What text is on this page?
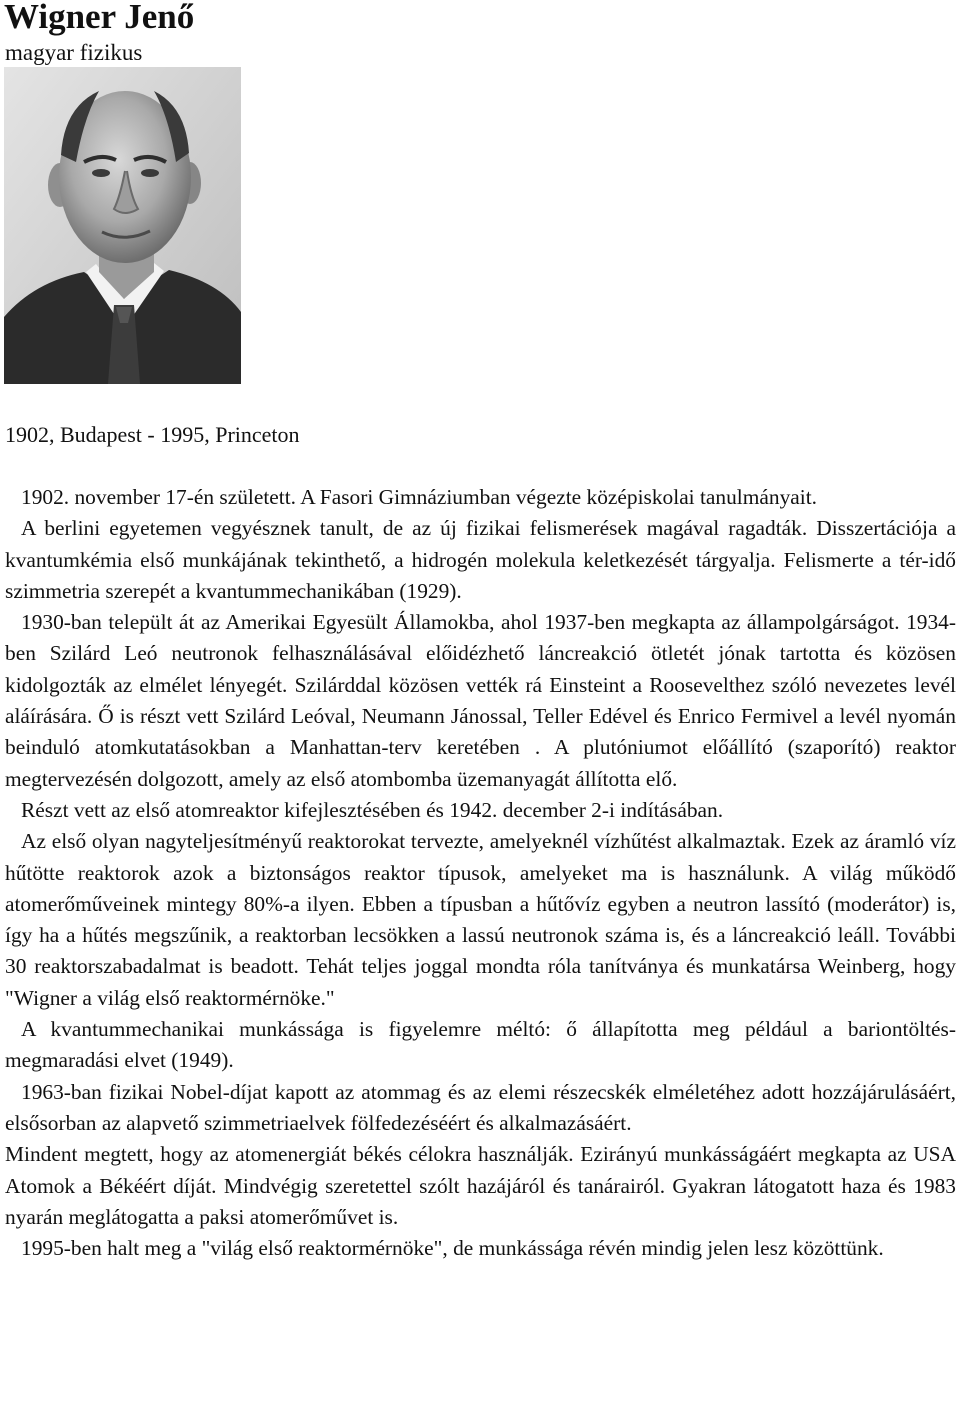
Wigner Jenő
magyar fizikus
1902, Budapest - 1995, Princeton

1902. november 17-én született. A Fasori Gimnáziumban végezte középiskolai tanulmányait.

A berlini egyetemen vegyésznek tanult, de az új fizikai felismerések magával ragadták. Disszertációja a kvantumkémia első munkájának tekinthető, a hidrogén molekula keletkezését tárgyalja. Felismerte a tér-idő szimmetria szerepét a kvantummechanikában (1929).

1930-ban települt át az Amerikai Egyesült Államokba, ahol 1937-ben megkapta az állampolgárságot. 1934-ben Szilárd Leó neutronok felhasználásával előidézhető láncreakció ötletét jónak tartotta és közösen kidolgozták az elmélet lényegét. Szilárddal közösen vették rá Einsteint a Roosevelthez szóló nevezetes levél aláírására. Ő is részt vett Szilárd Leóval, Neumann Jánossal, Teller Edével és Enrico Fermivel a levél nyomán beinduló atomkutatásokban a Manhattan-terv keretében . A plutóniumot előállító (szaporító) reaktor megtervezésén dolgozott, amely az első atombomba üzemanyagát állította elő.

Részt vett az első atomreaktor kifejlesztésében és 1942. december 2-i indításában.

Az első olyan nagyteljesítményű reaktorokat tervezte, amelyeknél vízhűtést alkalmaztak. Ezek az áramló víz hűtötte reaktorok azok a biztonságos reaktor típusok, amelyeket ma is használunk. A világ működő atomerőműveinek mintegy 80%-a ilyen. Ebben a típusban a hűtővíz egyben a neutron lassító (moderátor) is, így ha a hűtés megszűnik, a reaktorban lecsökken a lassú neutronok száma is, és a láncreakció leáll. További 30 reaktorszabadalmat is beadott. Tehát teljes joggal mondta róla tanítványa és munkatársa Weinberg, hogy "Wigner a világ első reaktormérnöke."

A kvantummechanikai munkássága is figyelemre méltó: ő állapította meg például a bariontöltés-megmaradási elvet (1949).

1963-ban fizikai Nobel-díjat kapott az atommag és az elemi részecskék elméletéhez adott hozzájárulásáért, elsősorban az alapvető szimmetriaelvek fölfedezéséért és alkalmazásáért.

Mindent megtett, hogy az atomenergiát békés célokra használják. Ezirányú munkásságáért megkapta az USA Atomok a Békéért díját. Mindvégig szeretettel szólt hazájáról és tanárairól. Gyakran látogatott haza és 1983 nyarán meglátogatta a paksi atomerőművet is.

1995-ben halt meg a "világ első reaktormérnöke", de munkássága révén mindig jelen lesz közöttünk.
